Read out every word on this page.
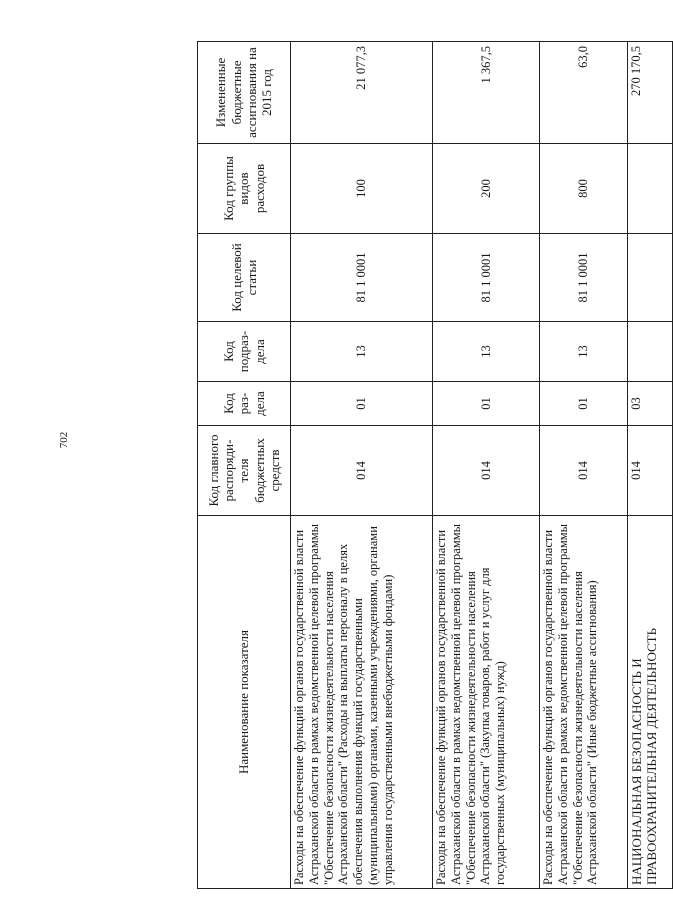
702
Наименование показателя	Код главного распоряди-теля бюджетных средств	Код раз-дела	Код подраз-дела	Код целевой статьи	Код группы видов расходов	Измененные бюджетные ассигнования на 2015 год
Расходы на обеспечение функций органов государственной власти Астраханской области в рамках ведомственной целевой программы "Обеспечение безопасности жизнедеятельности населения Астраханской области" (Расходы на выплаты персоналу в целях обеспечения выполнения функций государственными (муниципальными) органами, казенными учреждениями, органами управления государственными внебюджетными фондами)	014	01	13	81 1 0001	100	21 077,3
Расходы на обеспечение функций органов государственной власти Астраханской области в рамках ведомственной целевой программы "Обеспечение безопасности жизнедеятельности населения Астраханской области" (Закупка товаров, работ и услуг для государственных (муниципальных) нужд)	014	01	13	81 1 0001	200	1 367,5
Расходы на обеспечение функций органов государственной власти Астраханской области в рамках ведомственной целевой программы "Обеспечение безопасности жизнедеятельности населения Астраханской области" (Иные бюджетные ассигнования)	014	01	13	81 1 0001	800	63,0
НАЦИОНАЛЬНАЯ БЕЗОПАСНОСТЬ И ПРАВООХРАНИТЕЛЬНАЯ ДЕЯТЕЛЬНОСТЬ	014	03				270 170,5
